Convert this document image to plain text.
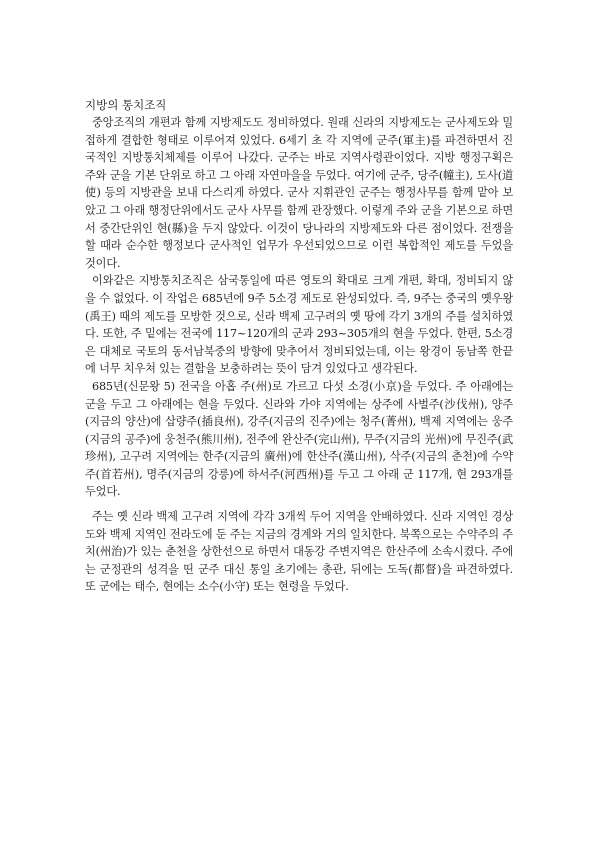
지방의 통치조직

중앙조직의 개편과 함께 지방제도도 정비하였다. 원래 신라의 지방제도는 군사제도와 밀접하게 결합한 형태로 이루어져 있었다. 6세기 초 각 지역에 군주(軍主)를 파견하면서 진국적인 지방통치체제를 이루어 나갔다. 군주는 바로 지역사령관이었다. 지방 행정구획은 주와 군을 기본 단위로 하고 그 아래 자연마을을 두었다. 여기에 군주, 당주(幢主), 도사(道使) 등의 지방관을 보내 다스리게 하였다. 군사 지휘관인 군주는 행정사무를 함께 맡아 보았고 그 아래 행정단위에서도 군사 사무를 함께 관장했다. 이렇게 주와 군을 기본으로 하면서 중간단위인 현(縣)을 두지 않았다. 이것이 당나라의 지방제도와 다른 점이었다. 전쟁을 할 때라 순수한 행정보다 군사적인 업무가 우선되었으므로 이런 복합적인 제도를 두었을 것이다.

이와같은 지방통치조직은 삼국통일에 따른 영토의 확대로 크게 개편, 확대, 정비되지 않을 수 없었다. 이 작업은 685년에 9주 5소경 제도로 완성되었다. 즉, 9주는 중국의 옛우왕(禹王) 때의 제도를 모방한 것으로, 신라 백제 고구려의 옛 땅에 각기 3개의 주를 설치하였다. 또한, 주 밑에는 전국에 117~120개의 군과 293~305개의 현을 두었다. 한편, 5소경은 대체로 국토의 동서남북중의 방향에 맞추어서 정비되었는데, 이는 왕경이 동남쪽 한끝에 너무 치우쳐 있는 결함을 보충하려는 뜻이 담겨 있었다고 생각된다.

685년(신문왕 5) 전국을 아홉 주(州)로 가르고 다섯 소경(小京)을 두었다. 주 아래에는 군을 두고 그 아래에는 현을 두었다. 신라와 가야 지역에는 상주에 사벌주(沙伐州), 양주(지금의 양산)에 삽량주(插良州), 강주(지금의 진주)에는 청주(菁州), 백제 지역에는 웅주(지금의 공주)에 웅천주(熊川州), 전주에 완산주(完山州), 무주(지금의 光州)에 무진주(武珍州), 고구려 지역에는 한주(지금의 廣州)에 한산주(漢山州), 삭주(지금의 춘천)에 수약주(首若州), 명주(지금의 강릉)에 하서주(河西州)를 두고 그 아래 군 117개, 현 293개를 두었다.

주는 옛 신라 백제 고구려 지역에 각각 3개씩 두어 지역을 안배하였다. 신라 지역인 경상도와 백제 지역인 전라도에 둔 주는 지금의 경계와 거의 일치한다. 북쪽으로는 수약주의 주치(州治)가 있는 춘천을 상한선으로 하면서 대동강 주변지역은 한산주에 소속시켰다. 주에는 군정관의 성격을 띤 군주 대신 통일 초기에는 총관, 뒤에는 도독(都督)을 파견하였다. 또 군에는 태수, 현에는 소수(小守) 또는 현령을 두었다.
